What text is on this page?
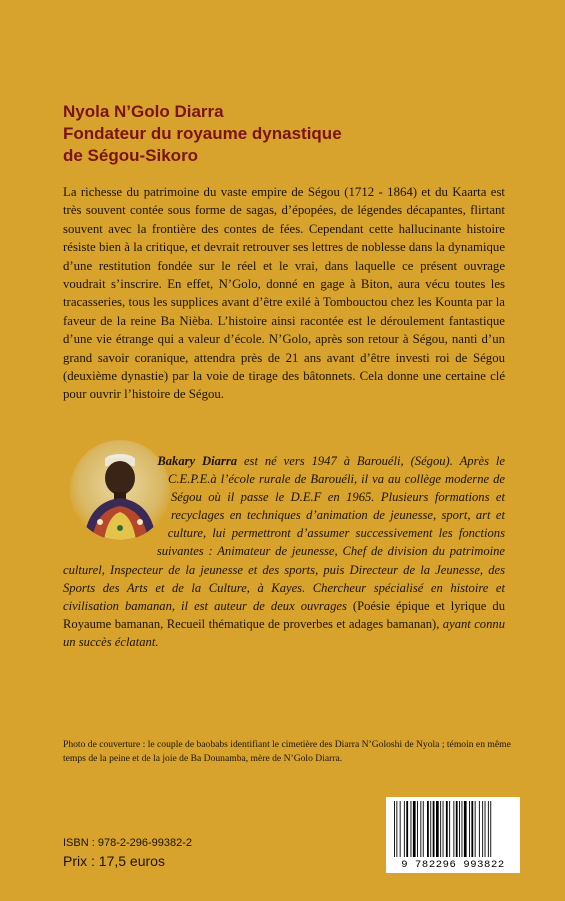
Nyola N’Golo Diarra
Fondateur du royaume dynastique
de Ségou-Sikoro

La richesse du patrimoine du vaste empire de Ségou (1712 - 1864) et du Kaarta est très souvent contée sous forme de sagas, d’épopées, de légendes décapantes, flirtant souvent avec la frontière des contes de fées. Cependant cette hallucinante histoire résiste bien à la critique, et devrait retrouver ses lettres de noblesse dans la dynamique d’une restitution fondée sur le réel et le vrai, dans laquelle ce présent ouvrage voudrait s’inscrire. En effet, N’Golo, donné en gage à Biton, aura vécu toutes les tracasseries, tous les supplices avant d’être exilé à Tombouctou chez les Kounta par la faveur de la reine Ba Nièba. L’histoire ainsi racontée est le déroulement fantastique d’une vie étrange qui a valeur d’école. N’Golo, après son retour à Ségou, nanti d’un grand savoir coranique, attendra près de 21 ans avant d’être investi roi de Ségou (deuxième dynastie) par la voie de tirage des bâtonnets. Cela donne une certaine clé pour ouvrir l’histoire de Ségou.

Bakary Diarra est né vers 1947 à Barouéli, (Ségou). Après le C.E.P.E.à l’école rurale de Barouéli, il va au collège moderne de Ségou où il passe le D.E.F en 1965. Plusieurs formations et recyclages en techniques d’animation de jeunesse, sport, art et culture, lui permettront d’assumer successivement les fonctions suivantes : Animateur de jeunesse, Chef de division du patrimoine culturel, Inspecteur de la jeunesse et des sports, puis Directeur de la Jeunesse, des Sports des Arts et de la Culture, à Kayes. Chercheur spécialisé en histoire et civilisation bamanan, il est auteur de deux ouvrages (Poésie épique et lyrique du Royaume bamanan, Recueil thématique de proverbes et adages bamanan), ayant connu un succès éclatant.

Photo de couverture : le couple de baobabs identifiant le cimetière des Diarra N’Goloshi de Nyola ; témoin en même temps de la peine et de la joie de Ba Dounamba, mère de N’Golo Diarra.

ISBN : 978-2-296-99382-2
Prix : 17,5 euros	9 782296 993822
